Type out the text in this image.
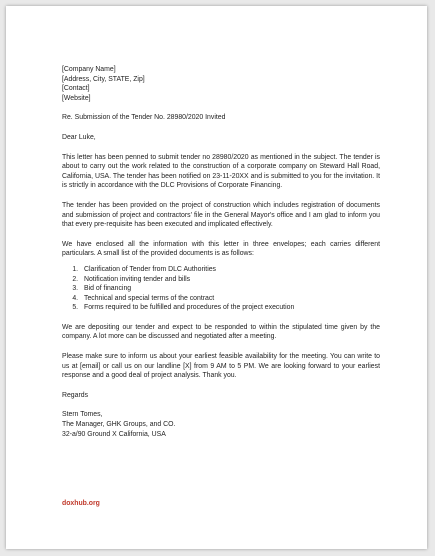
[Company Name]

[Address, City, STATE, Zip]

[Contact]

[Website]

Re. Submission of the Tender No. 28980/2020 Invited

Dear Luke,

This letter has been penned to submit tender no 28980/2020 as mentioned in the subject. The tender is about to carry out the work related to the construction of a corporate company on Steward Hall Road, California, USA. The tender has been notified on 23-11-20XX and is submitted to you for the invitation. It is strictly in accordance with the DLC Provisions of Corporate Financing.

The tender has been provided on the project of construction which includes registration of documents and submission of project and contractors' file in the General Mayor's office and I am glad to inform you that every pre-requisite has been executed and implicated effectively.

We have enclosed all the information with this letter in three envelopes; each carries different particulars. A small list of the provided documents is as follows:

1. Clarification of Tender from DLC Authorities
2. Notification inviting tender and bills
3. Bid of financing
4. Technical and special terms of the contract
5. Forms required to be fulfilled and procedures of the project execution

We are depositing our tender and expect to be responded to within the stipulated time given by the company. A lot more can be discussed and negotiated after a meeting.

Please make sure to inform us about your earliest feasible availability for the meeting. You can write to us at [email] or call us on our landline [X] from 9 AM to 5 PM. We are looking forward to your earliest response and a good deal of project analysis. Thank you.

Regards

Stern Tomes,

The Manager, GHK Groups, and CO.

32-a/90 Ground X California, USA

doxhub.org
